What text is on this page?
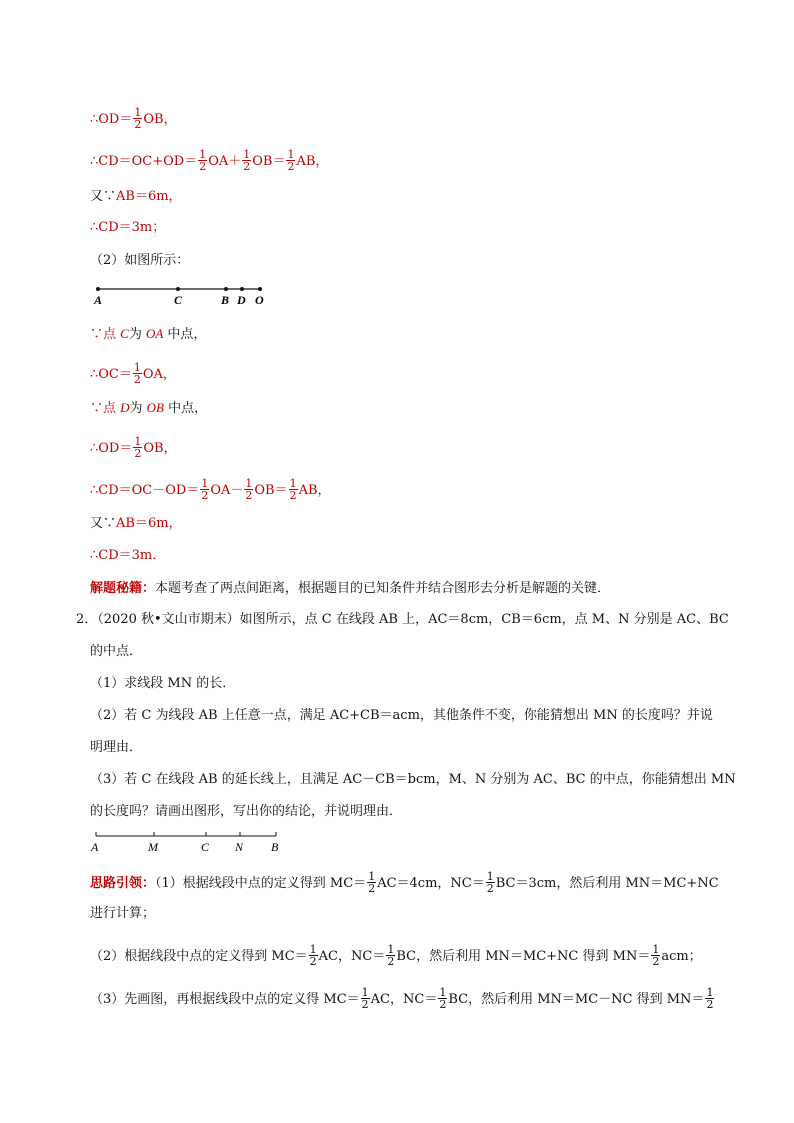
∴OD＝ $\frac{1}{2}$ OB，
∴CD＝OC+OD＝ $\frac{1}{2} OA+ \frac{1}{2} OB= \frac{1}{2}$ AB，
又∵AB＝6m，
∴CD＝3m；
（2）如图所示：
A	C	B D O
∵点 C为 OA 中点，
∴OC＝ $\frac{1}{2}$ OA，
∵点 D为 OB 中点，
∴OD＝ $\frac{1}{2}$ OB，
∴CD＝OC－OD＝ $\frac{1}{2} OA- \frac{1}{2} OB= \frac{1}{2}$ AB，
又∵AB＝6m，
∴CD＝3m．
解题秘籍：本题考查了两点间距离，根据题目的已知条件并结合图形去分析是解题的关键．
2．（2020 秋•文山市期末）如图所示，点 C 在线段 AB 上，AC＝8cm，CB＝6cm，点 M、N 分别是 AC、BC
的中点．
（1）求线段 MN 的长．
（2）若 C 为线段 AB 上任意一点，满足 AC+CB＝acm，其他条件不变，你能猜想出 MN 的长度吗？并说
明理由．
（3）若 C 在线段 AB 的延长线上，且满足 AC－CB＝bcm，M、N 分别为 AC、BC 的中点，你能猜想出 MN
的长度吗？请画出图形，写出你的结论，并说明理由．
A	M	C N B
思路引领：（1）根据线段中点的定义得到 $MC= \frac{1}{2} AC=4cm$，$NC= \frac{1}{2} BC=3cm$，然后利用 MN＝MC+NC
进行计算；
（2）根据线段中点的定义得到 $MC= \frac{1}{2}$ AC，$NC= \frac{1}{2}$ BC，然后利用 MN＝MC+NC 得到 $MN= \frac{1}{2}$ acm；
（3）先画图，再根据线段中点的定义得 $MC= \frac{1}{2}$ AC，$NC= \frac{1}{2}$ BC，然后利用 MN＝MC－NC 得到 $MN= \frac{1}{2}$
